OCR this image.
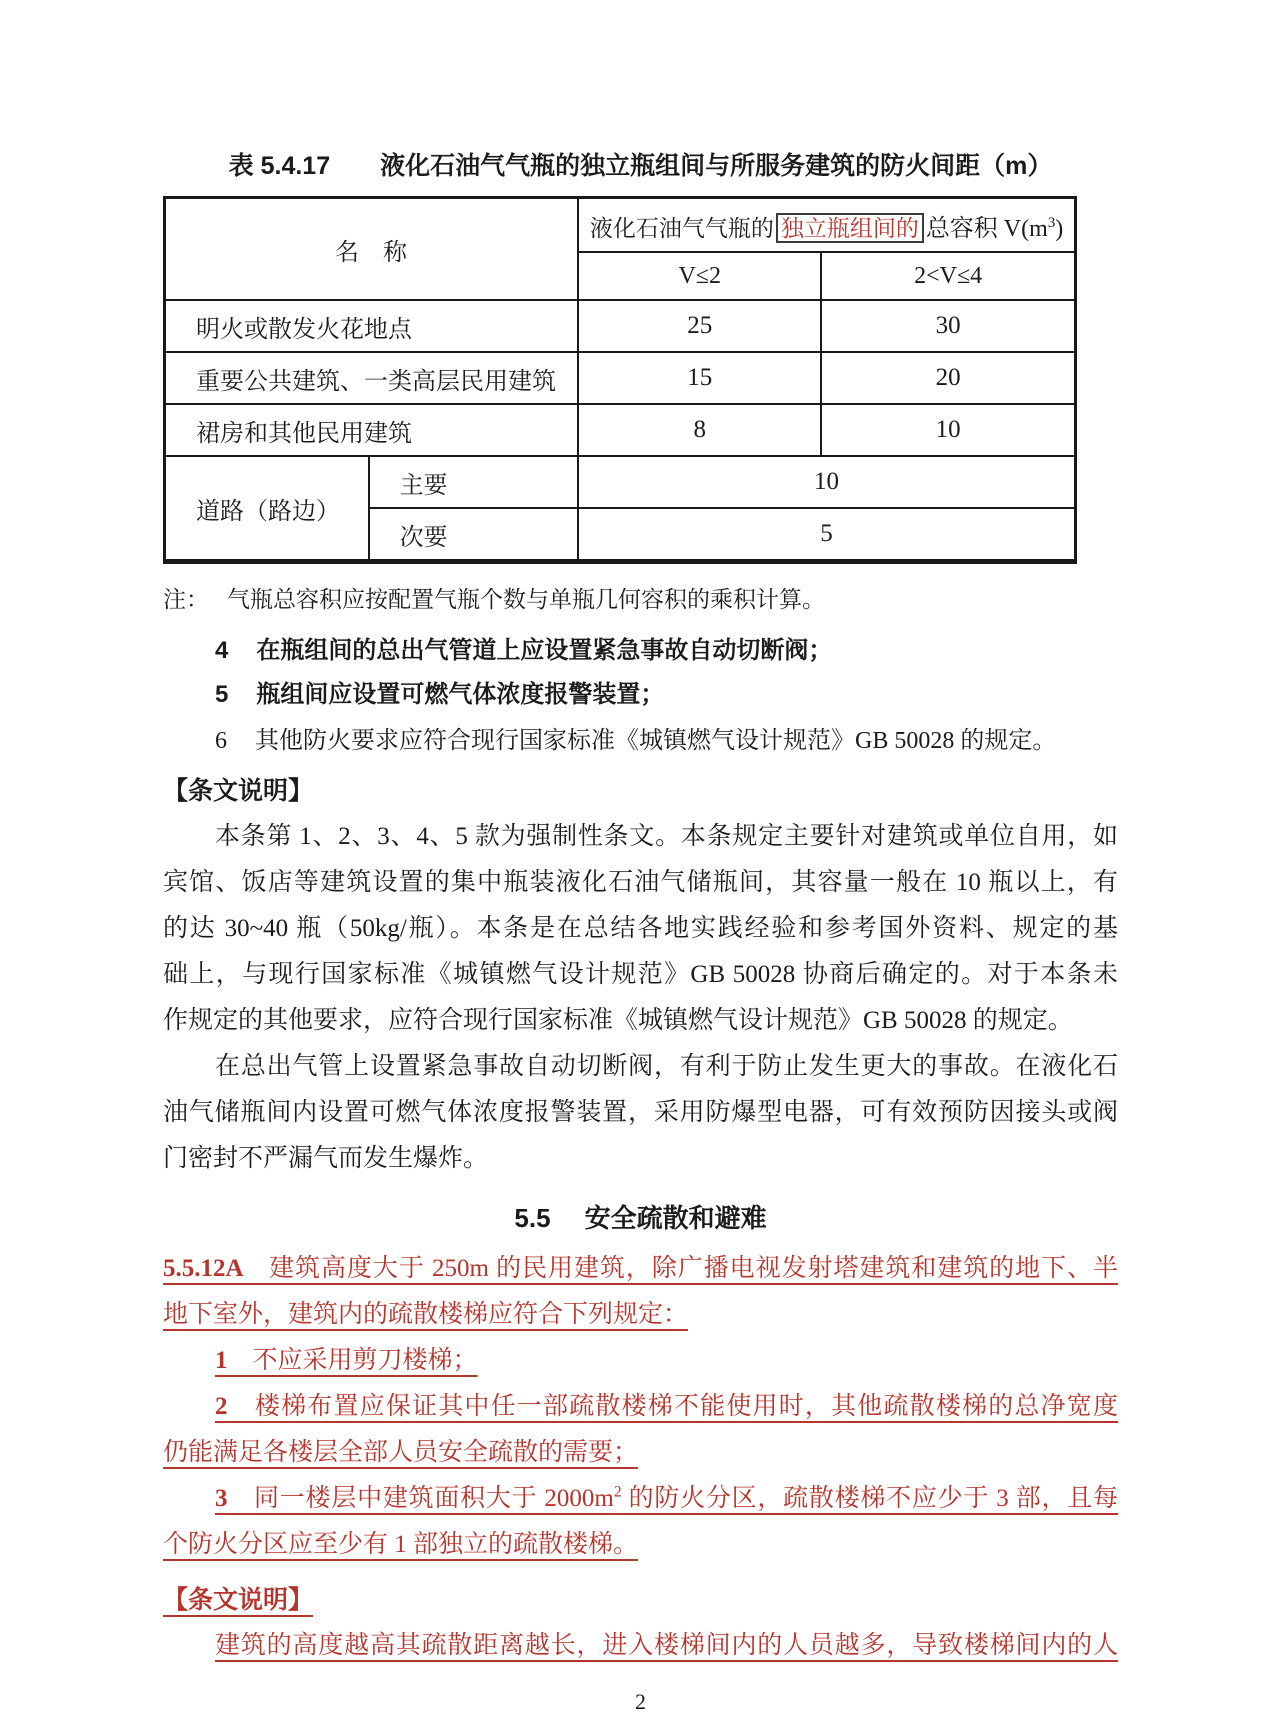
表 5.4.17　　液化石油气气瓶的独立瓶组间与所服务建筑的防火间距（m）
名　称		液化石油气气瓶的 独立瓶组间的 总容积 $V(m^3)$	
		V≤2	2<V≤4
明火或散发火花地点		25	30
重要公共建筑、一类高层民用建筑		15	20
裙房和其他民用建筑		8	10
道路（路边）	主要	10	
	次要	5	
注： 气瓶总容积应按配置气瓶个数与单瓶几何容积的乘积计算。
4 在瓶组间的总出气管道上应设置紧急事故自动切断阀；
5 瓶组间应设置可燃气体浓度报警装置；
6 其他防火要求应符合现行国家标准《城镇燃气设计规范》GB 50028 的规定。
【条文说明】
本条第 1、2、3、4、5 款为强制性条文。本条规定主要针对建筑或单位自用，如
宾馆、饭店等建筑设置的集中瓶装液化石油气储瓶间，其容量一般在 10 瓶以上，有
的达 30~40 瓶（50kg/瓶）。本条是在总结各地实践经验和参考国外资料、规定的基
础上，与现行国家标准《城镇燃气设计规范》GB 50028 协商后确定的。对于本条未
作规定的其他要求，应符合现行国家标准《城镇燃气设计规范》GB 50028 的规定。
在总出气管上设置紧急事故自动切断阀，有利于防止发生更大的事故。在液化石
油气储瓶间内设置可燃气体浓度报警装置，采用防爆型电器，可有效预防因接头或阀
门密封不严漏气而发生爆炸。
5.5 安全疏散和避难
5.5.12A　建筑高度大于 250m 的民用建筑，除广播电视发射塔建筑和建筑的地下、半
地下室外，建筑内的疏散楼梯应符合下列规定：
1　不应采用剪刀楼梯；
2　楼梯布置应保证其中任一部疏散楼梯不能使用时，其他疏散楼梯的总净宽度
仍能满足各楼层全部人员安全疏散的需要；
3　同一楼层中建筑面积大于 $2000m^2$ 的防火分区，疏散楼梯不应少于 3 部，且每
个防火分区应至少有 1 部独立的疏散楼梯。
【条文说明】
建筑的高度越高其疏散距离越长，进入楼梯间内的人员越多，导致楼梯间内的人
2
